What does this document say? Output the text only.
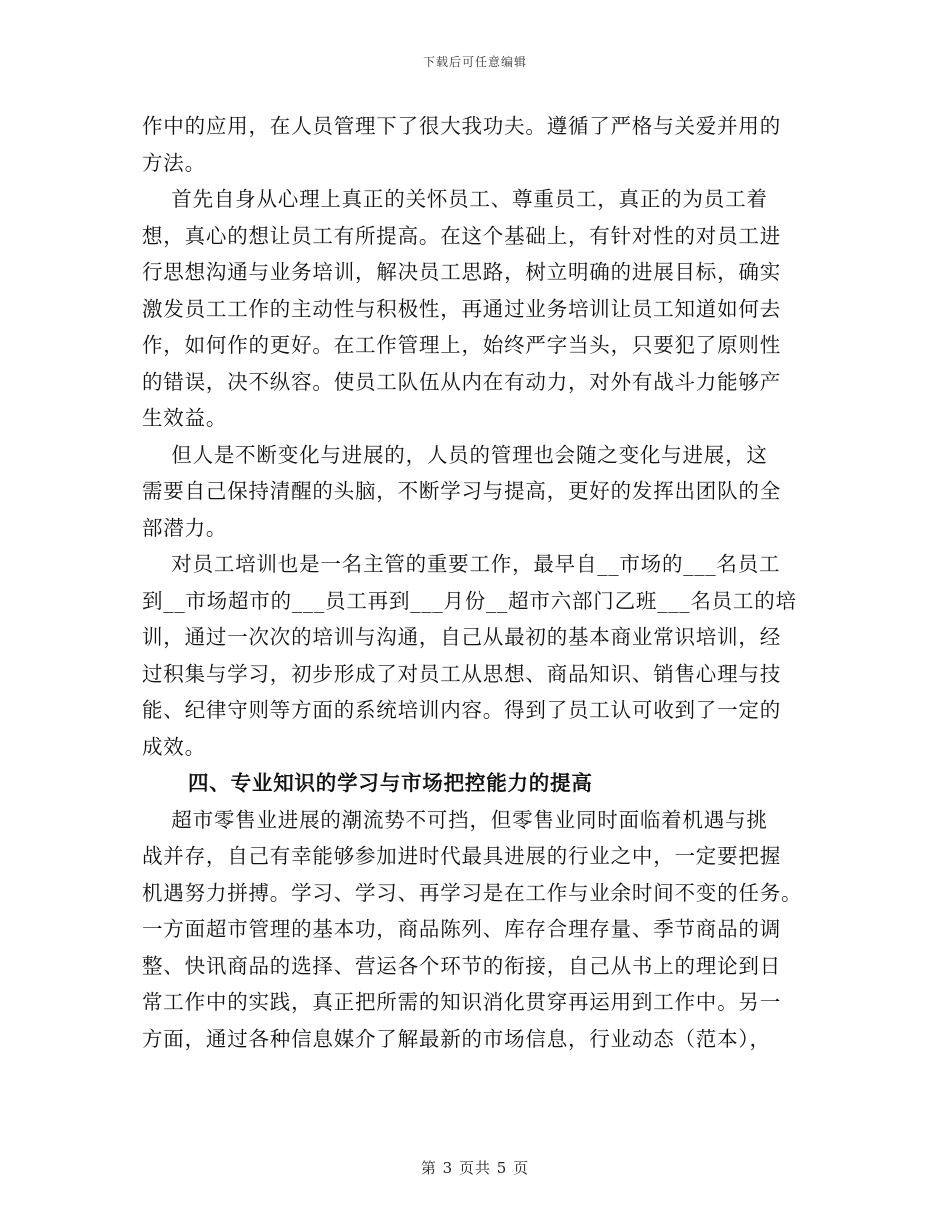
下载后可任意编辑

作中的应用，在人员管理下了很大我功夫。遵循了严格与关爱并用的
方法。

首先自身从心理上真正的关怀员工、尊重员工，真正的为员工着
想，真心的想让员工有所提高。在这个基础上，有针对性的对员工进
行思想沟通与业务培训，解决员工思路，树立明确的进展目标，确实
激发员工工作的主动性与积极性，再通过业务培训让员工知道如何去
作，如何作的更好。在工作管理上，始终严字当头，只要犯了原则性
的错误，决不纵容。使员工队伍从内在有动力，对外有战斗力能够产
生效益。

但人是不断变化与进展的，人员的管理也会随之变化与进展，这
需要自己保持清醒的头脑，不断学习与提高，更好的发挥出团队的全
部潜力。

对员工培训也是一名主管的重要工作，最早自__市场的___名员工
到__市场超市的___员工再到___月份__超市六部门乙班___名员工的培
训，通过一次次的培训与沟通，自己从最初的基本商业常识培训，经
过积集与学习，初步形成了对员工从思想、商品知识、销售心理与技
能、纪律守则等方面的系统培训内容。得到了员工认可收到了一定的
成效。

四、专业知识的学习与市场把控能力的提高

超市零售业进展的潮流势不可挡，但零售业同时面临着机遇与挑
战并存，自己有幸能够参加进时代最具进展的行业之中，一定要把握
机遇努力拼搏。学习、学习、再学习是在工作与业余时间不变的任务。
一方面超市管理的基本功，商品陈列、库存合理存量、季节商品的调
整、快讯商品的选择、营运各个环节的衔接，自己从书上的理论到日
常工作中的实践，真正把所需的知识消化贯穿再运用到工作中。另一
方面，通过各种信息媒介了解最新的市场信息，行业动态（范本），

第 3 页共 5 页
